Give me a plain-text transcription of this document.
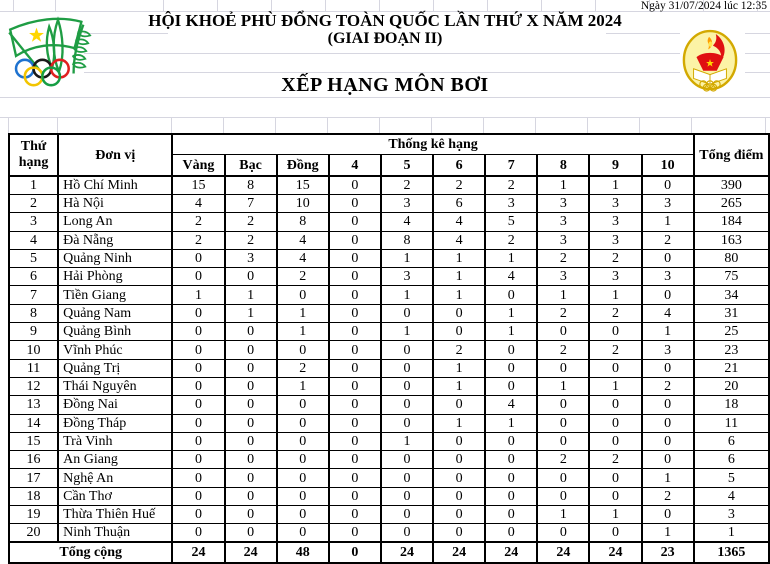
Ngày 31/07/2024 lúc 12:35
HỘI KHOẺ PHÙ ĐỔNG TOÀN QUỐC LẦN THỨ X NĂM 2024
(GIAI ĐOẠN II)
XẾP HẠNG MÔN BƠI
Thứ hạng	Đơn vị	Thống kê hạng										Tổng điểm
		Vàng	Bạc	Đồng	4	5	6	7	8	9	10	
1	Hồ Chí Minh	15	8	15	0	2	2	2	1	1	0	390
2	Hà Nội	4	7	10	0	3	6	3	3	3	3	265
3	Long An	2	2	8	0	4	4	5	3	3	1	184
4	Đà Nẵng	2	2	4	0	8	4	2	3	3	2	163
5	Quảng Ninh	0	3	4	0	1	1	1	2	2	0	80
6	Hải Phòng	0	0	2	0	3	1	4	3	3	3	75
7	Tiền Giang	1	1	0	0	1	1	0	1	1	0	34
8	Quảng Nam	0	1	1	0	0	0	1	2	2	4	31
9	Quảng Bình	0	0	1	0	1	0	1	0	0	1	25
10	Vĩnh Phúc	0	0	0	0	0	2	0	2	2	3	23
11	Quảng Trị	0	0	2	0	0	1	0	0	0	0	21
12	Thái Nguyên	0	0	1	0	0	1	0	1	1	2	20
13	Đồng Nai	0	0	0	0	0	0	4	0	0	0	18
14	Đồng Tháp	0	0	0	0	0	1	1	0	0	0	11
15	Trà Vinh	0	0	0	0	1	0	0	0	0	0	6
16	An Giang	0	0	0	0	0	0	0	2	2	0	6
17	Nghệ An	0	0	0	0	0	0	0	0	0	1	5
18	Cần Thơ	0	0	0	0	0	0	0	0	0	2	4
19	Thừa Thiên Huế	0	0	0	0	0	0	0	1	1	0	3
20	Ninh Thuận	0	0	0	0	0	0	0	0	0	1	1
Tổng cộng		24	24	48	0	24	24	24	24	24	23	1365
